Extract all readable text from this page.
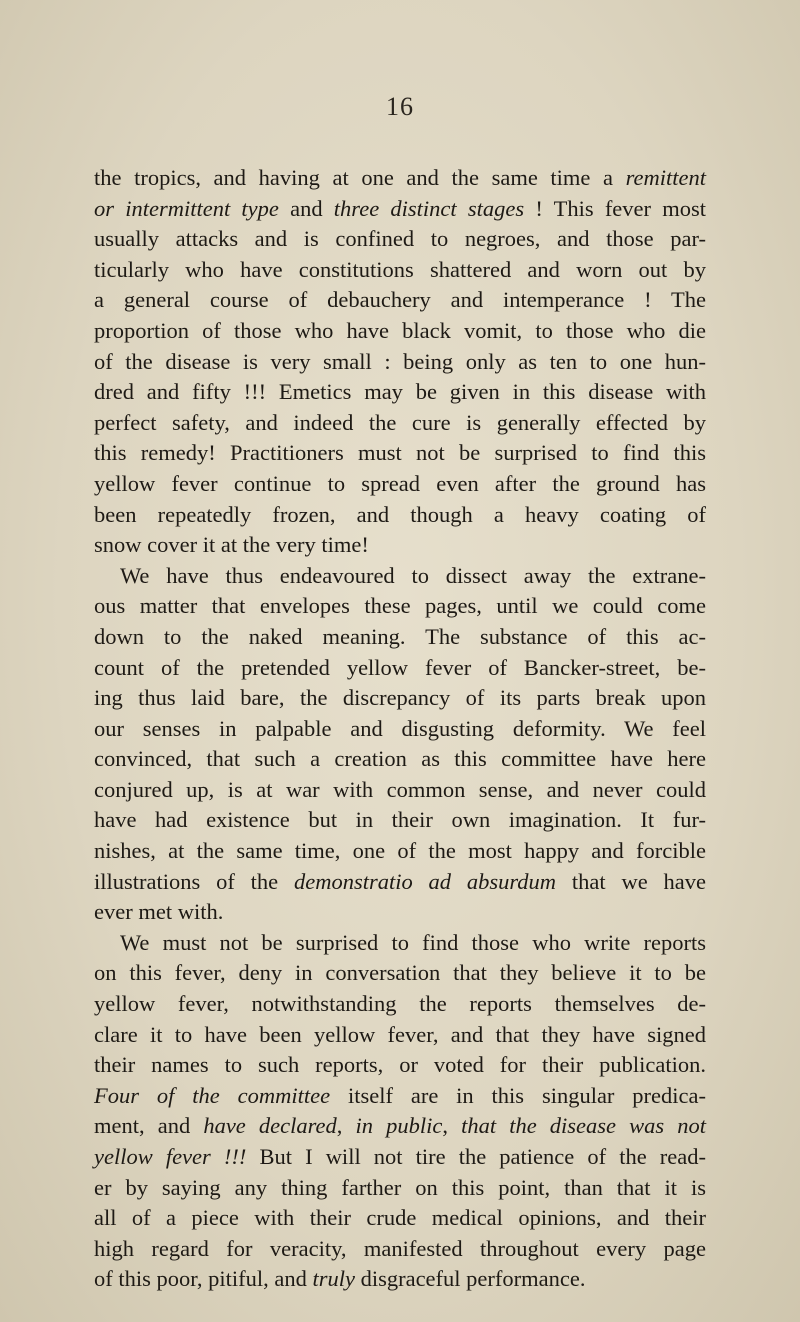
16
the tropics, and having at one and the same time a remittent
or intermittent type and three distinct stages ! This fever most
usually attacks and is confined to negroes, and those par-
ticularly who have constitutions shattered and worn out by
a general course of debauchery and intemperance ! The
proportion of those who have black vomit, to those who die
of the disease is very small : being only as ten to one hun-
dred and fifty !!! Emetics may be given in this disease with
perfect safety, and indeed the cure is generally effected by
this remedy! Practitioners must not be surprised to find this
yellow fever continue to spread even after the ground has
been repeatedly frozen, and though a heavy coating of
snow cover it at the very time!
We have thus endeavoured to dissect away the extrane-
ous matter that envelopes these pages, until we could come
down to the naked meaning. The substance of this ac-
count of the pretended yellow fever of Bancker-street, be-
ing thus laid bare, the discrepancy of its parts break upon
our senses in palpable and disgusting deformity. We feel
convinced, that such a creation as this committee have here
conjured up, is at war with common sense, and never could
have had existence but in their own imagination. It fur-
nishes, at the same time, one of the most happy and forcible
illustrations of the demonstratio ad absurdum that we have
ever met with.
We must not be surprised to find those who write reports
on this fever, deny in conversation that they believe it to be
yellow fever, notwithstanding the reports themselves de-
clare it to have been yellow fever, and that they have signed
their names to such reports, or voted for their publication.
Four of the committee itself are in this singular predica-
ment, and have declared, in public, that the disease was not
yellow fever !!! But I will not tire the patience of the read-
er by saying any thing farther on this point, than that it is
all of a piece with their crude medical opinions, and their
high regard for veracity, manifested throughout every page
of this poor, pitiful, and truly disgraceful performance.
